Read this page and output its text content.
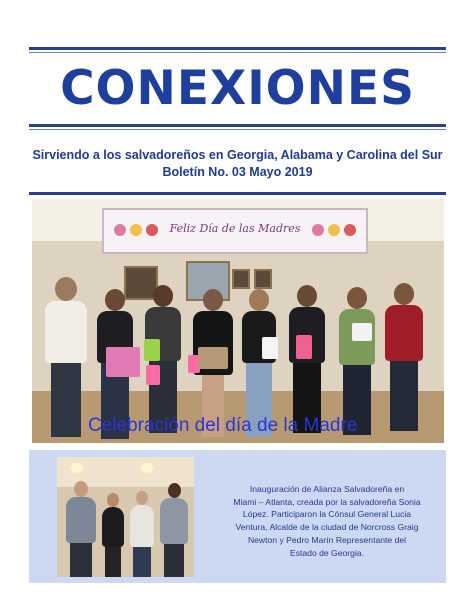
CONEXIONES
Sirviendo a los salvadoreños en Georgia, Alabama y Carolina del Sur
Boletín No. 03 Mayo 2019
Feliz Día de las Madres
Celebración del día de la Madre
Inauguración de Alianza Salvadoreña en
Miami – Atlanta, creada por la salvadoreña Sonia
López. Participaron la Cónsul General Lucia
Ventura, Alcalde de la ciudad de Norcross Graig
Newton y Pedro Marín Representante del
Estado de Georgia.
